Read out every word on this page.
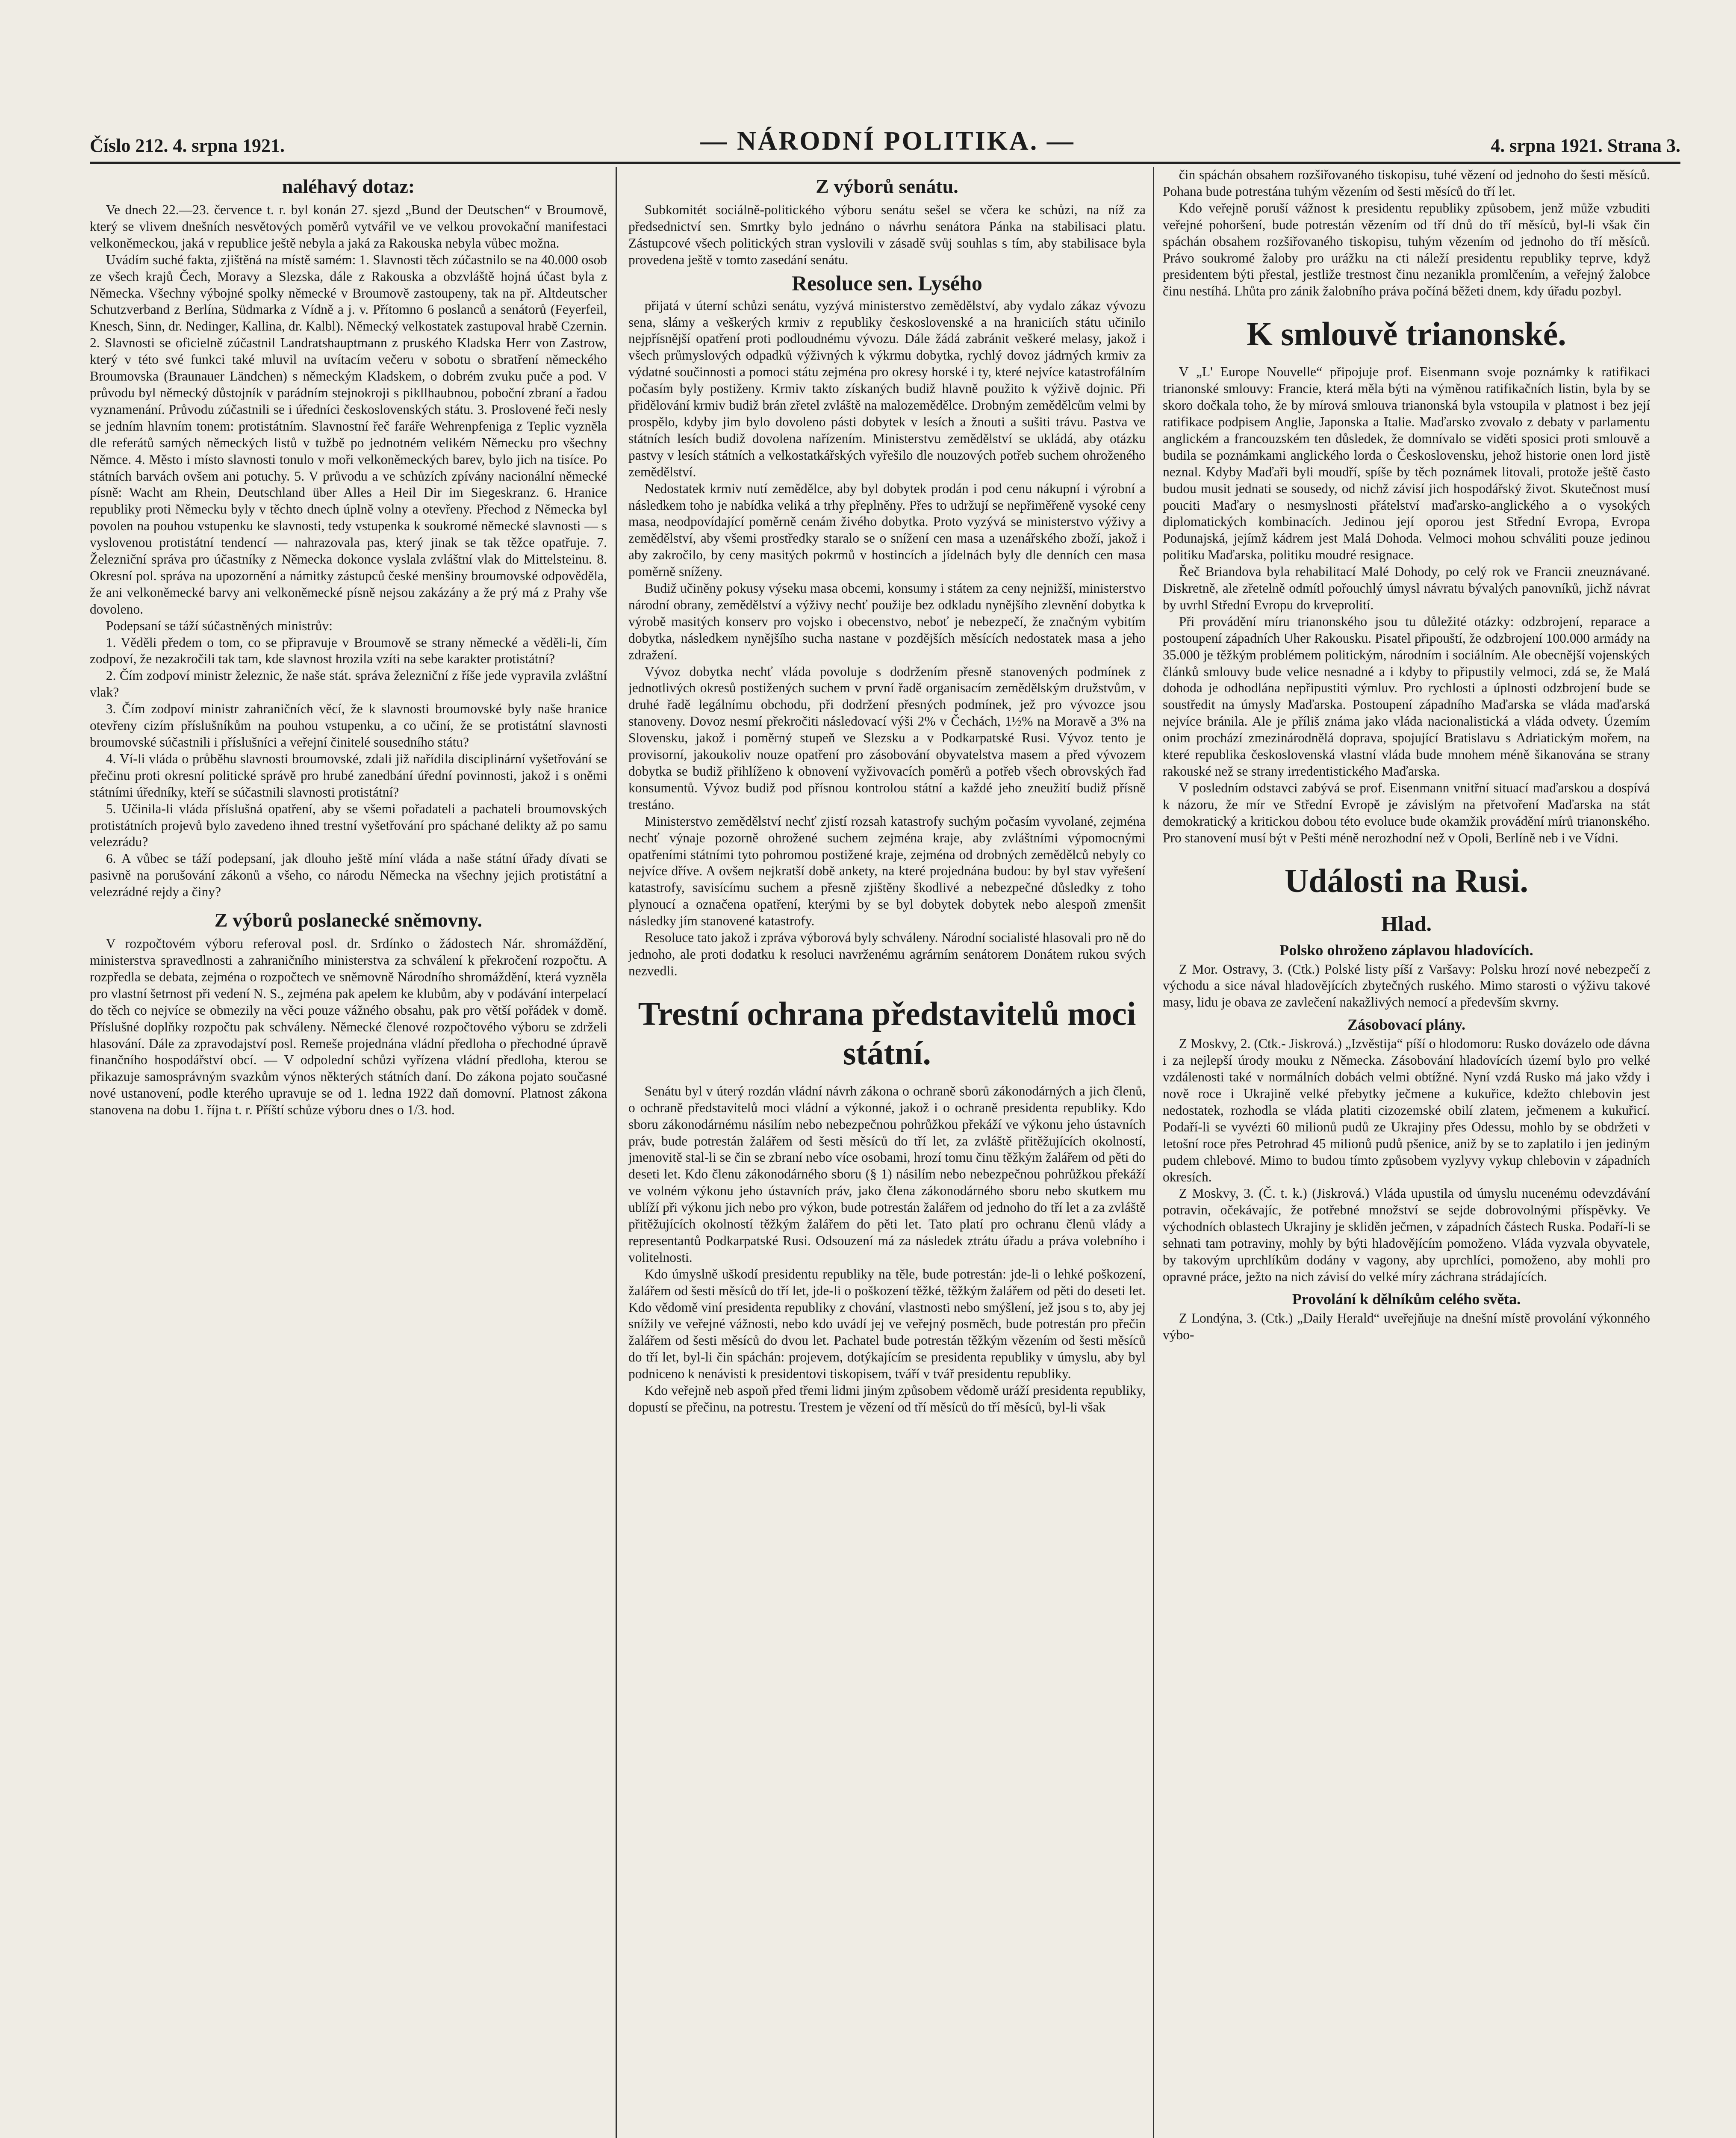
Číslo 212. 4. srpna 1921.	— NÁRODNÍ POLITIKA. —	4. srpna 1921. Strana 3.
naléhavý dotaz:

Ve dnech 22.—23. července t. r. byl konán 27. sjezd „Bund der Deutschen“ v Broumově, který se vlivem dnešních nesvětových poměrů vytvářil ve ve velkou provokační manifestaci velkoněmeckou, jaká v republice ještě nebyla a jaká za Rakouska nebyla vůbec možna.

Uvádím suché fakta, zjištěná na místě samém: 1. Slavnosti těch zúčastnilo se na 40.000 osob ze všech krajů Čech, Moravy a Slezska, dále z Rakouska a obzvláště hojná účast byla z Německa. Všechny výbojné spolky německé v Broumově zastoupeny, tak na př. Altdeutscher Schutzverband z Berlína, Südmarka z Vídně a j. v. Přítomno 6 poslanců a senátorů (Feyerfeil, Knesch, Sinn, dr. Nedinger, Kallina, dr. Kalbl). Německý velkostatek zastupoval hrabě Czernin. 2. Slavnosti se oficielně zúčastnil Landratshauptmann z pruského Kladska Herr von Zastrow, který v této své funkci také mluvil na uvítacím večeru v sobotu o sbratření německého Broumovska (Braunauer Ländchen) s německým Kladskem, o dobrém zvuku puče a pod. V průvodu byl německý důstojník v parádním stejnokroji s pikllhaubnou, poboční zbraní a řadou vyznamenání. Průvodu zúčastnili se i úředníci československých státu. 3. Proslovené řeči nesly se jedním hlavním tonem: protistátním. Slavnostní řeč faráře Wehrenpfeniga z Teplic vyzněla dle referátů samých německých listů v tužbě po jednotném velikém Německu pro všechny Němce. 4. Město i místo slavnosti tonulo v moři velkoněmeckých barev, bylo jich na tisíce. Po státních barvách ovšem ani potuchy. 5. V průvodu a ve schůzích zpívány nacionální německé písně: Wacht am Rhein, Deutschland über Alles a Heil Dir im Siegeskranz. 6. Hranice republiky proti Německu byly v těchto dnech úplně volny a otevřeny. Přechod z Německa byl povolen na pouhou vstupenku ke slavnosti, tedy vstupenka k soukromé německé slavnosti — s vyslovenou protistátní tendencí — nahrazovala pas, který jinak se tak těžce opatřuje. 7. Železniční správa pro účastníky z Německa dokonce vyslala zvláštní vlak do Mittelsteinu. 8. Okresní pol. správa na upozornění a námitky zástupců české menšiny broumovské odpověděla, že ani velkoněmecké barvy ani velkoněmecké písně nejsou zakázány a že prý má z Prahy vše dovoleno.

Podepsaní se táží súčastněných ministrův:

1. Věděli předem o tom, co se připravuje v Broumově se strany německé a věděli-li, čím zodpoví, že nezakročili tak tam, kde slavnost hrozila vzíti na sebe karakter protistátní?

2. Čím zodpoví ministr železnic, že naše stát. správa železniční z říše jede vypravila zvláštní vlak?

3. Čím zodpoví ministr zahraničních věcí, že k slavnosti broumovské byly naše hranice otevřeny cizím příslušníkům na pouhou vstupenku, a co učiní, že se protistátní slavnosti broumovské súčastnili i příslušníci a veřejní činitelé sousedního státu?

4. Ví-li vláda o průběhu slavnosti broumovské, zdali již nařídila disciplinární vyšetřování se přečinu proti okresní politické správě pro hrubé zanedbání úřední povinnosti, jakož i s oněmi státními úředníky, kteří se súčastnili slavnosti protistátní?

5. Učinila-li vláda příslušná opatření, aby se všemi pořadateli a pachateli broumovských protistátních projevů bylo zavedeno ihned trestní vyšetřování pro spáchané delikty až po samu velezrádu?

6. A vůbec se táží podepsaní, jak dlouho ještě míní vláda a naše státní úřady dívati se pasivně na porušování zákonů a všeho, co národu Německa na všechny jejich protistátní a velezrádné rejdy a činy?

Z výborů poslanecké sněmovny.

V rozpočtovém výboru referoval posl. dr. Srdínko o žádostech Nár. shromáždění, ministerstva spravedlnosti a zahraničního ministerstva za schválení k překročení rozpočtu. A rozpředla se debata, zejména o rozpočtech ve sněmovně Národního shromáždění, která vyzněla pro vlastní šetrnost při vedení N. S., zejména pak apelem ke klubům, aby v podávání interpelací do těch co nejvíce se obmezily na věci pouze vážného obsahu, pak pro větší pořádek v domě. Příslušné doplňky rozpočtu pak schváleny. Německé členové rozpočtového výboru se zdrželi hlasování. Dále za zpravodajství posl. Remeše projednána vládní předloha o přechodné úpravě finančního hospodářství obcí. — V odpolední schůzi vyřízena vládní předloha, kterou se přikazuje samosprávným svazkům výnos některých státních daní. Do zákona pojato současné nové ustanovení, podle kterého upravuje se od 1. ledna 1922 daň domovní. Platnost zákona stanovena na dobu 1. října t. r. Příští schůze výboru dnes o 1/3. hod.

Z výborů senátu.

Subkomitét sociálně-politického výboru senátu sešel se včera ke schůzi, na níž za předsednictví sen. Smrtky bylo jednáno o návrhu senátora Pánka na stabilisaci platu. Zástupcové všech politických stran vyslovili v zásadě svůj souhlas s tím, aby stabilisace byla provedena ještě v tomto zasedání senátu.

Resoluce sen. Lysého

přijatá v úterní schůzi senátu, vyzývá ministerstvo zemědělství, aby vydalo zákaz vývozu sena, slámy a veškerých krmiv z republiky československé a na hraniciích státu učinilo nejpřísnější opatření proti podloudnému vývozu. Dále žádá zabránit veškeré melasy, jakož i všech průmyslových odpadků výživných k výkrmu dobytka, rychlý dovoz jádrných krmiv za výdatné součinnosti a pomoci státu zejména pro okresy horské i ty, které nejvíce katastrofálním počasím byly postiženy. Krmiv takto získaných budiž hlavně použito k výživě dojnic. Při přidělování krmiv budiž brán zřetel zvláště na malozemědělce. Drobným zemědělcům velmi by prospělo, kdyby jim bylo dovoleno pásti dobytek v lesích a žnouti a sušiti trávu. Pastva ve státních lesích budiž dovolena nařízením. Ministerstvu zemědělství se ukládá, aby otázku pastvy v lesích státních a velkostatkářských vyřešilo dle nouzových potřeb suchem ohroženého zemědělství.

Nedostatek krmiv nutí zemědělce, aby byl dobytek prodán i pod cenu nákupní i výrobní a následkem toho je nabídka veliká a trhy přeplněny. Přes to udržují se nepřiměřeně vysoké ceny masa, neodpovídající poměrně cenám živého dobytka. Proto vyzývá se ministerstvo výživy a zemědělství, aby všemi prostředky staralo se o snížení cen masa a uzenářského zboží, jakož i aby zakročilo, by ceny masitých pokrmů v hostincích a jídelnách byly dle denních cen masa poměrně sníženy.

Budiž učiněny pokusy výseku masa obcemi, konsumy i státem za ceny nejnižší, ministerstvo národní obrany, zemědělství a výživy nechť použije bez odkladu nynějšího zlevnění dobytka k výrobě masitých konserv pro vojsko i obecenstvo, neboť je nebezpečí, že značným vybitím dobytka, následkem nynějšího sucha nastane v pozdějších měsících nedostatek masa a jeho zdražení.

Vývoz dobytka nechť vláda povoluje s dodržením přesně stanovených podmínek z jednotlivých okresů postižených suchem v první řadě organisacím zemědělským družstvům, v druhé řadě legálnímu obchodu, při dodržení přesných podmínek, jež pro vývozce jsou stanoveny. Dovoz nesmí překročiti následovací výši 2% v Čechách, 1½% na Moravě a 3% na Slovensku, jakož i poměrný stupeň ve Slezsku a v Podkarpatské Rusi. Vývoz tento je provisorní, jakoukoliv nouze opatření pro zásobování obyvatelstva masem a před vývozem dobytka se budiž přihlíženo k obnovení vyživovacích poměrů a potřeb všech obrovských řad konsumentů. Vývoz budiž pod přísnou kontrolou státní a každé jeho zneužití budiž přísně trestáno.

Ministerstvo zemědělství nechť zjistí rozsah katastrofy suchým počasím vyvolané, zejména nechť výnaje pozorně ohrožené suchem zejména kraje, aby zvláštními výpomocnými opatřeními státními tyto pohromou postižené kraje, zejména od drobných zemědělců nebyly co nejvíce dříve. A ovšem nejkratší době ankety, na které projednána budou: by byl stav vyřešení katastrofy, savisícímu suchem a přesně zjištěny škodlivé a nebezpečné důsledky z toho plynoucí a označena opatření, kterými by se byl dobytek dobytek nebo alespoň zmenšit následky jím stanovené katastrofy.

Resoluce tato jakož i zpráva výborová byly schváleny. Národní socialisté hlasovali pro ně do jednoho, ale proti dodatku k resoluci navrženému agrárním senátorem Donátem rukou svých nezvedli.

Trestní ochrana představitelů moci státní.

Senátu byl v úterý rozdán vládní návrh zákona o ochraně sborů zákonodárných a jich členů, o ochraně představitelů moci vládní a výkonné, jakož i o ochraně presidenta republiky. Kdo sboru zákonodárnému násilím nebo nebezpečnou pohrůžkou překáží ve výkonu jeho ústavních práv, bude potrestán žalářem od šesti měsíců do tří let, za zvláště přitěžujících okolností, jmenovitě stal-li se čin se zbraní nebo více osobami, hrozí tomu činu těžkým žalářem od pěti do deseti let. Kdo členu zákonodárného sboru (§ 1) násilím nebo nebezpečnou pohrůžkou překáží ve volném výkonu jeho ústavních práv, jako člena zákonodárného sboru nebo skutkem mu ublíží při výkonu jich nebo pro výkon, bude potrestán žalářem od jednoho do tří let a za zvláště přitěžujících okolností těžkým žalářem do pěti let. Tato platí pro ochranu členů vlády a representantů Podkarpatské Rusi. Odsouzení má za následek ztrátu úřadu a práva volebního i volitelnosti.

Kdo úmyslně uškodí presidentu republiky na těle, bude potrestán: jde-li o lehké poškození, žalářem od šesti měsíců do tří let, jde-li o poškození těžké, těžkým žalářem od pěti do deseti let. Kdo vědomě viní presidenta republiky z chování, vlastnosti nebo smýšlení, jež jsou s to, aby jej snížily ve veřejné vážnosti, nebo kdo uvádí jej ve veřejný posměch, bude potrestán pro přečin žalářem od šesti měsíců do dvou let. Pachatel bude potrestán těžkým vězením od šesti měsíců do tří let, byl-li čin spáchán: projevem, dotýkajícím se presidenta republiky v úmyslu, aby byl podniceno k nenávisti k presidentovi tiskopisem, tváří v tvář presidentu republiky.

Kdo veřejně neb aspoň před třemi lidmi jiným způsobem vědomě uráží presidenta republiky, dopustí se přečinu, na potrestu. Trestem je vězení od tří měsíců do tří měsíců, byl-li však

čin spáchán obsahem rozšiřovaného tiskopisu, tuhé vězení od jednoho do šesti měsíců. Pohana bude potrestána tuhým vězením od šesti měsíců do tří let.

Kdo veřejně poruší vážnost k presidentu republiky způsobem, jenž může vzbuditi veřejné pohoršení, bude potrestán vězením od tří dnů do tří měsíců, byl-li však čin spáchán obsahem rozšiřovaného tiskopisu, tuhým vězením od jednoho do tří měsíců. Právo soukromé žaloby pro urážku na cti náleží presidentu republiky teprve, když presidentem býti přestal, jestliže trestnost činu nezanikla promlčením, a veřejný žalobce činu nestíhá. Lhůta pro zánik žalobního práva počíná běžeti dnem, kdy úřadu pozbyl.

K smlouvě trianonské.

V „L' Europe Nouvelle“ připojuje prof. Eisenmann svoje poznámky k ratifikaci trianonské smlouvy: Francie, která měla býti na výměnou ratifikačních listin, byla by se skoro dočkala toho, že by mírová smlouva trianonská byla vstoupila v platnost i bez její ratifikace podpisem Anglie, Japonska a Italie. Maďarsko zvovalo z debaty v parlamentu anglickém a francouzském ten důsledek, že domnívalo se viděti sposici proti smlouvě a budila se poznámkami anglického lorda o Československu, jehož historie onen lord jistě neznal. Kdyby Maďaři byli moudří, spíše by těch poznámek litovali, protože ještě často budou musit jednati se sousedy, od nichž závisí jich hospodářský život. Skutečnost musí pouciti Maďary o nesmyslnosti přátelství maďarsko-anglického a o vysokých diplomatických kombinacích. Jedinou její oporou jest Střední Evropa, Evropa Podunajská, jejímž kádrem jest Malá Dohoda. Velmoci mohou schváliti pouze jedinou politiku Maďarska, politiku moudré resignace.

Řeč Briandova byla rehabilitací Malé Dohody, po celý rok ve Francii zneuznávané. Diskretně, ale zřetelně odmítl pořouchlý úmysl návratu bývalých panovníků, jichž návrat by uvrhl Střední Evropu do krveprolití.

Při provádění míru trianonského jsou tu důležité otázky: odzbrojení, reparace a postoupení západních Uher Rakousku. Pisatel připouští, že odzbrojení 100.000 armády na 35.000 je těžkým problémem politickým, národním i sociálním. Ale obecnější vojenských článků smlouvy bude velice nesnadné a i kdyby to připustily velmoci, zdá se, že Malá dohoda je odhodlána nepřipustiti výmluv. Pro rychlosti a úplnosti odzbrojení bude se soustředit na úmysly Maďarska. Postoupení západního Maďarska se vláda maďarská nejvíce bránila. Ale je příliš známa jako vláda nacionalistická a vláda odvety. Územím onim prochází zmezinárodnělá doprava, spojující Bratislavu s Adriatickým mořem, na které republika československá vlastní vláda bude mnohem méně šikanována se strany rakouské než se strany irredentistického Maďarska.

V posledním odstavci zabývá se prof. Eisenmann vnitřní situací maďarskou a dospívá k názoru, že mír ve Střední Evropě je závislým na přetvoření Maďarska na stát demokratický a kritickou dobou této evoluce bude okamžik provádění mírů trianonského. Pro stanovení musí být v Pešti méně nerozhodní než v Opoli, Berlíně neb i ve Vídni.

Události na Rusi.
Hlad.
Polsko ohroženo záplavou hladovících.

Z Mor. Ostravy, 3. (Ctk.) Polské listy píší z Varšavy: Polsku hrozí nové nebezpečí z východu a sice nával hladovějících zbytečných ruského. Mimo starosti o výživu takové masy, lidu je obava ze zavlečení nakažlivých nemocí a především skvrny.

Zásobovací plány.

Z Moskvy, 2. (Ctk.- Jiskrová.) „Izvěstija“ píší o hlodomoru: Rusko dovázelo ode dávna i za nejlepší úrody mouku z Německa. Zásobování hladovících území bylo pro velké vzdálenosti také v normálních dobách velmi obtížné. Nyní vzdá Rusko má jako vždy i nově roce i Ukrajině velké přebytky ječmene a kukuřice, kdežto chlebovin jest nedostatek, rozhodla se vláda platiti cizozemské obilí zlatem, ječmenem a kukuřicí. Podaří-li se vyvézti 60 milionů pudů ze Ukrajiny přes Odessu, mohlo by se obdržeti v letošní roce přes Petrohrad 45 milionů pudů pšenice, aniž by se to zaplatilo i jen jediným pudem chlebové. Mimo to budou tímto způsobem vyzlyvy vykup chlebovin v západních okresích.

Z Moskvy, 3. (Č. t. k.) (Jiskrová.) Vláda upustila od úmyslu nucenému odevzdávání potravin, očekávajíc, že potřebné množství se sejde dobrovolnými příspěvky. Ve východních oblastech Ukrajiny je skliděn ječmen, v západních částech Ruska. Podaří-li se sehnati tam potraviny, mohly by býti hladovějícím pomoženo. Vláda vyzvala obyvatele, by takovým uprchlíkům dodány v vagony, aby uprchlíci, pomoženo, aby mohli pro opravné práce, ježto na nich závisí do velké míry záchrana strádajících.

Provolání k dělníkům celého světa.

Z Londýna, 3. (Ctk.) „Daily Herald“ uveřejňuje na dnešní místě provolání výkonného výbo-
